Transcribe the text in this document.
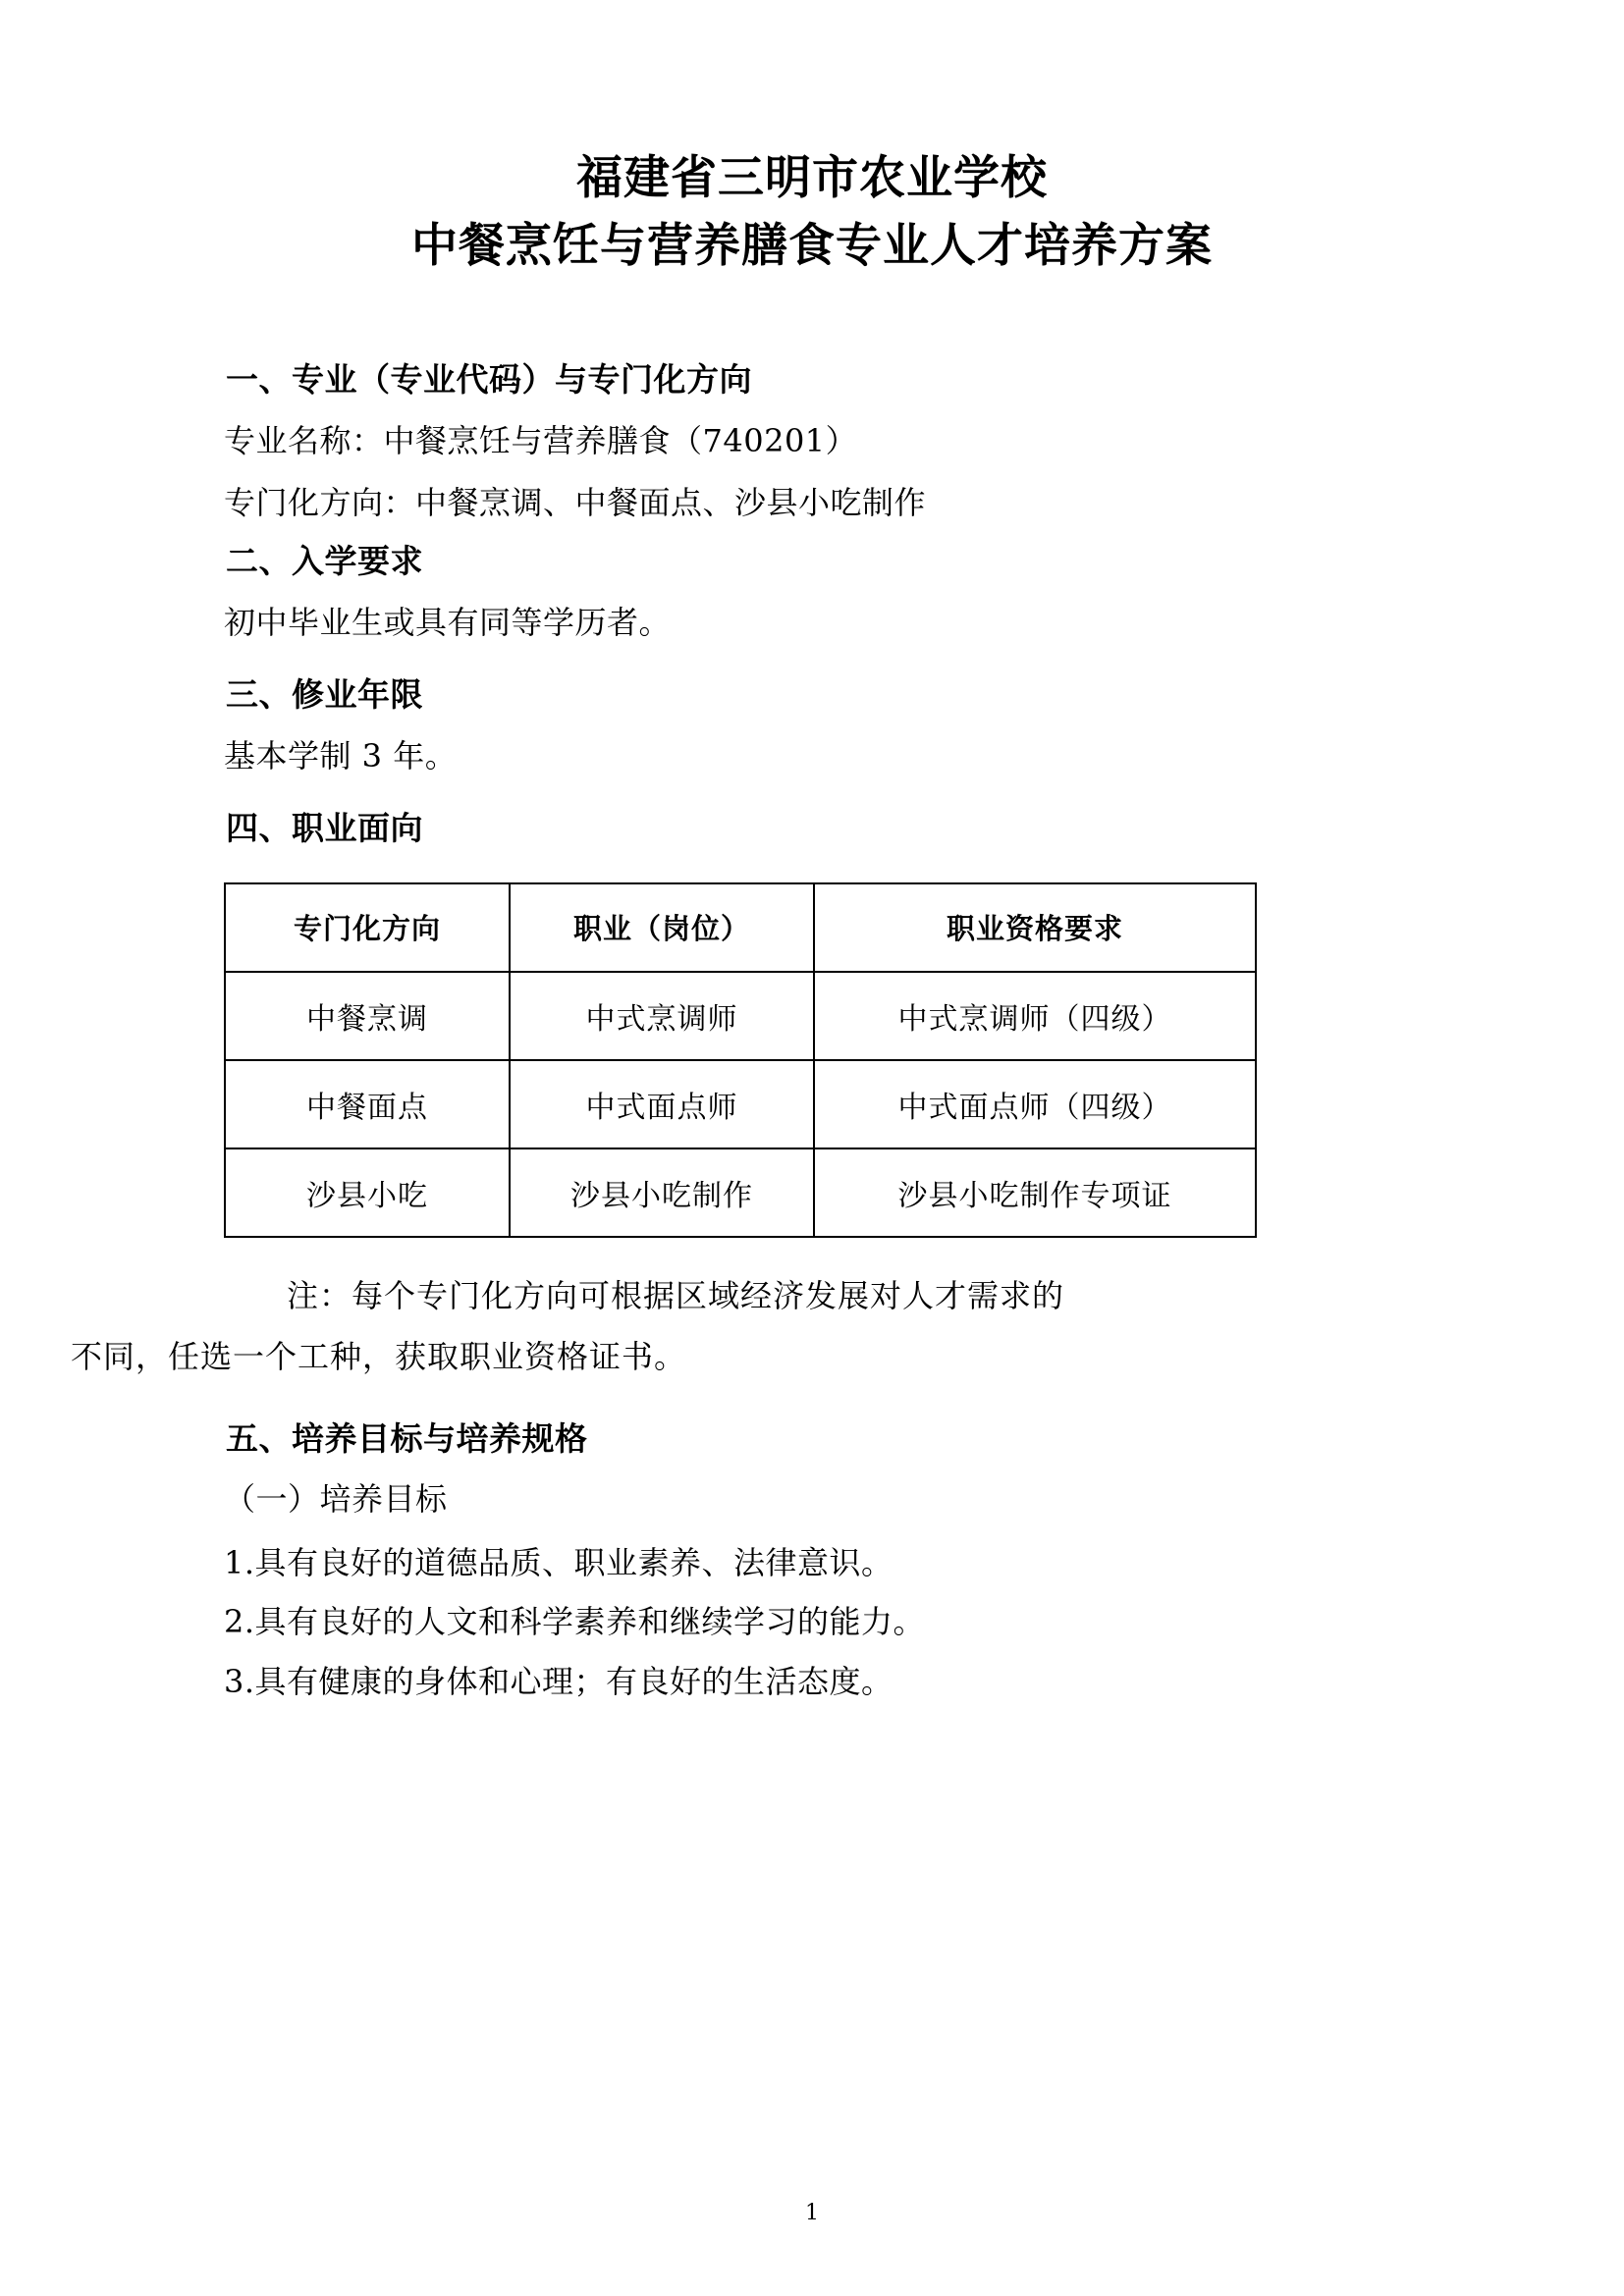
福建省三明市农业学校
中餐烹饪与营养膳食专业人才培养方案
一、专业（专业代码）与专门化方向

专业名称：中餐烹饪与营养膳食（740201）

专门化方向：中餐烹调、中餐面点、沙县小吃制作

二、入学要求

初中毕业生或具有同等学历者。

三、修业年限

基本学制 3 年。

四、职业面向
专门化方向	职业（岗位）	职业资格要求
中餐烹调	中式烹调师	中式烹调师（四级）
中餐面点	中式面点师	中式面点师（四级）
沙县小吃	沙县小吃制作	沙县小吃制作专项证

注：每个专门化方向可根据区域经济发展对人才需求的
不同，任选一个工种，获取职业资格证书。

五、培养目标与培养规格

（一）培养目标

1.具有良好的道德品质、职业素养、法律意识。

2.具有良好的人文和科学素养和继续学习的能力。

3.具有健康的身体和心理；有良好的生活态度。

1
